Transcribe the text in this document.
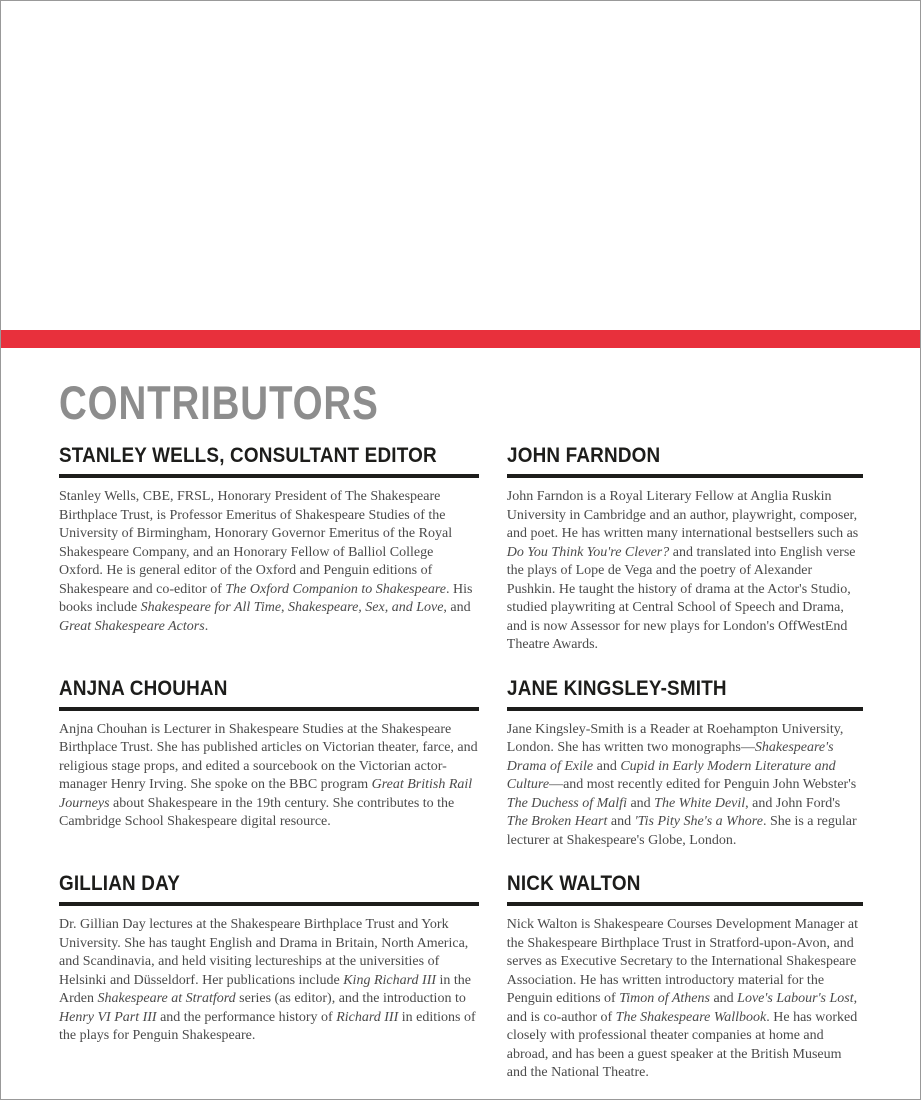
CONTRIBUTORS
STANLEY WELLS, CONSULTANT EDITOR

Stanley Wells, CBE, FRSL, Honorary President of The Shakespeare Birthplace Trust, is Professor Emeritus of Shakespeare Studies of the University of Birmingham, Honorary Governor Emeritus of the Royal Shakespeare Company, and an Honorary Fellow of Balliol College Oxford. He is general editor of the Oxford and Penguin editions of Shakespeare and co-editor of The Oxford Companion to Shakespeare. His books include Shakespeare for All Time, Shakespeare, Sex, and Love, and Great Shakespeare Actors.

JOHN FARNDON

John Farndon is a Royal Literary Fellow at Anglia Ruskin University in Cambridge and an author, playwright, composer, and poet. He has written many international bestsellers such as Do You Think You're Clever? and translated into English verse the plays of Lope de Vega and the poetry of Alexander Pushkin. He taught the history of drama at the Actor's Studio, studied playwriting at Central School of Speech and Drama, and is now Assessor for new plays for London's OffWestEnd Theatre Awards.

ANJNA CHOUHAN

Anjna Chouhan is Lecturer in Shakespeare Studies at the Shakespeare Birthplace Trust. She has published articles on Victorian theater, farce, and religious stage props, and edited a sourcebook on the Victorian actor-manager Henry Irving. She spoke on the BBC program Great British Rail Journeys about Shakespeare in the 19th century. She contributes to the Cambridge School Shakespeare digital resource.

JANE KINGSLEY-SMITH

Jane Kingsley-Smith is a Reader at Roehampton University, London. She has written two monographs—Shakespeare's Drama of Exile and Cupid in Early Modern Literature and Culture—and most recently edited for Penguin John Webster's The Duchess of Malfi and The White Devil, and John Ford's The Broken Heart and 'Tis Pity She's a Whore. She is a regular lecturer at Shakespeare's Globe, London.

GILLIAN DAY

Dr. Gillian Day lectures at the Shakespeare Birthplace Trust and York University. She has taught English and Drama in Britain, North America, and Scandinavia, and held visiting lectureships at the universities of Helsinki and Düsseldorf. Her publications include King Richard III in the Arden Shakespeare at Stratford series (as editor), and the introduction to Henry VI Part III and the performance history of Richard III in editions of the plays for Penguin Shakespeare.

NICK WALTON

Nick Walton is Shakespeare Courses Development Manager at the Shakespeare Birthplace Trust in Stratford-upon-Avon, and serves as Executive Secretary to the International Shakespeare Association. He has written introductory material for the Penguin editions of Timon of Athens and Love's Labour's Lost, and is co-author of The Shakespeare Wallbook. He has worked closely with professional theater companies at home and abroad, and has been a guest speaker at the British Museum and the National Theatre.
